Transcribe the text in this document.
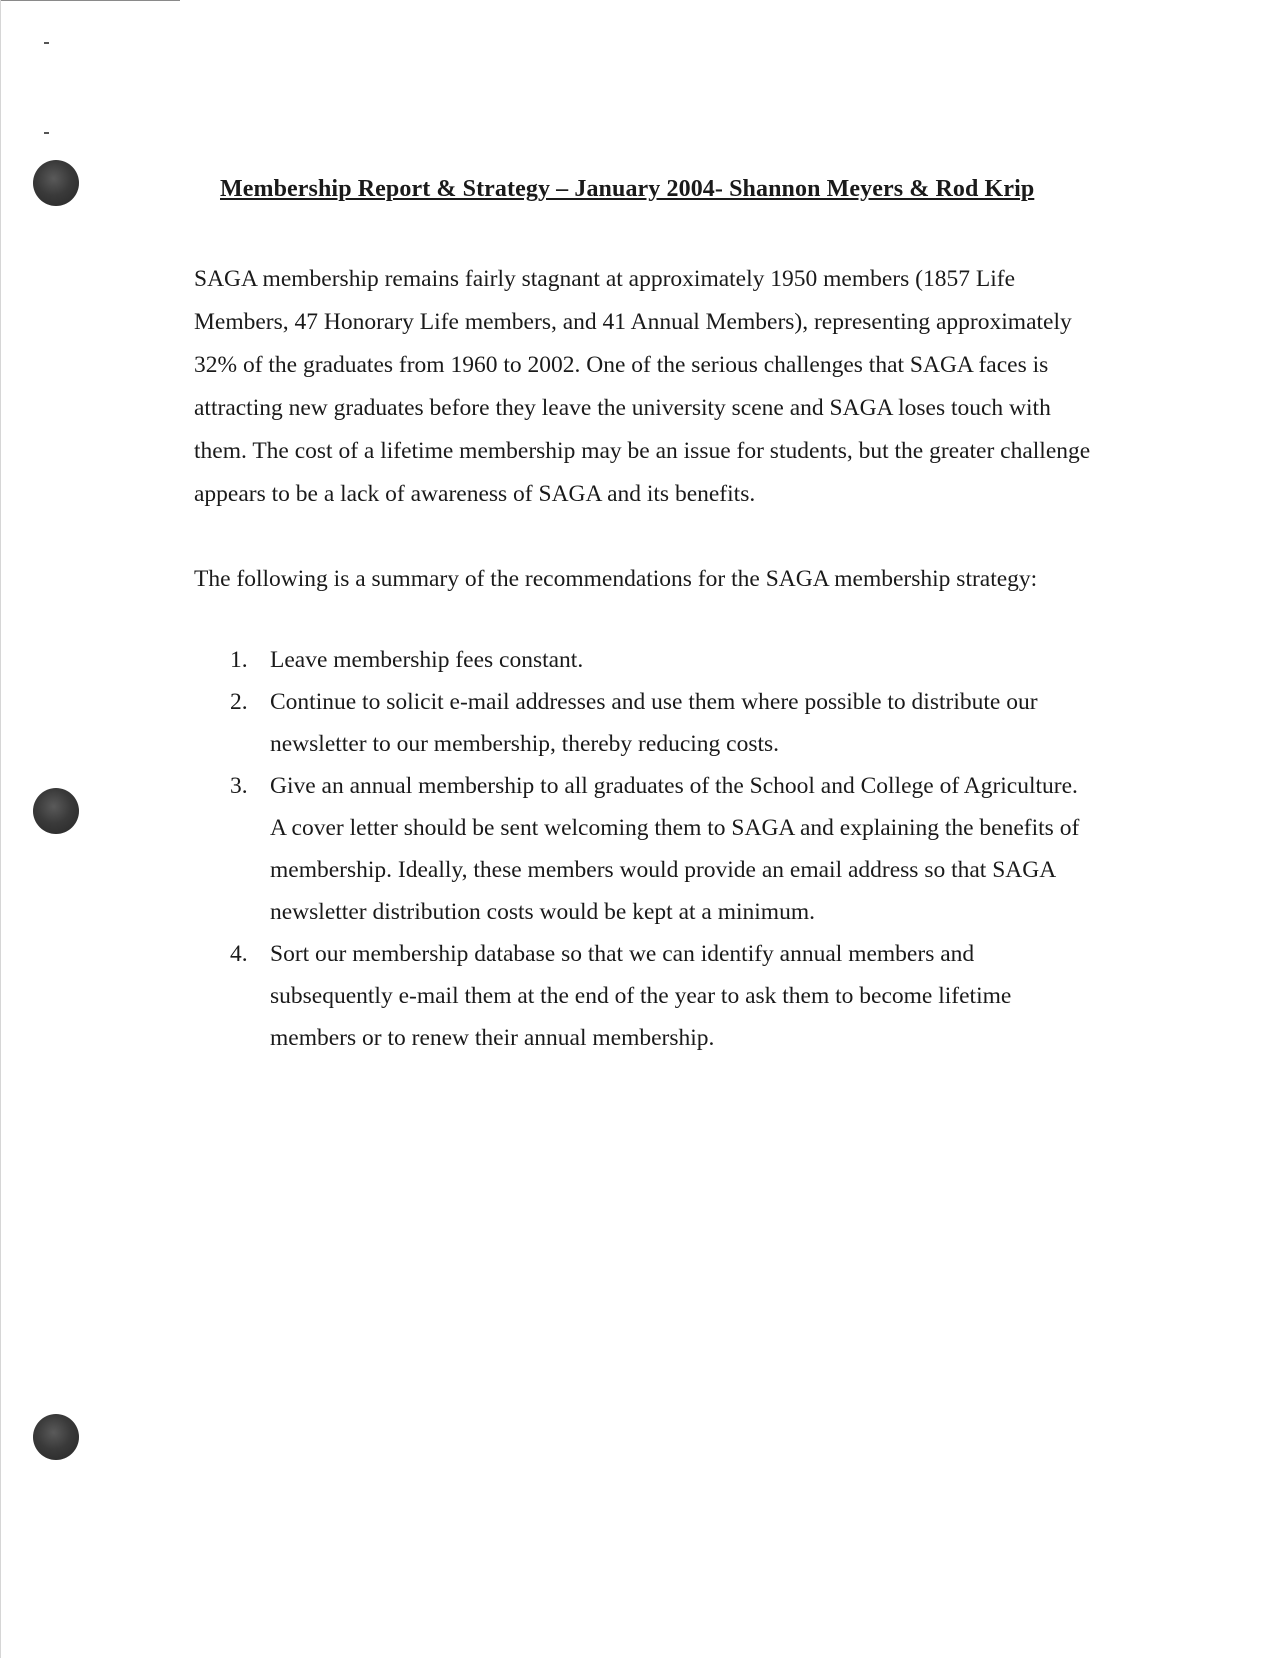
Membership Report & Strategy – January 2004- Shannon Meyers & Rod Krip

SAGA membership remains fairly stagnant at approximately 1950 members (1857 Life Members, 47 Honorary Life members, and 41 Annual Members), representing approximately 32% of the graduates from 1960 to 2002. One of the serious challenges that SAGA faces is attracting new graduates before they leave the university scene and SAGA loses touch with them. The cost of a lifetime membership may be an issue for students, but the greater challenge appears to be a lack of awareness of SAGA and its benefits.

The following is a summary of the recommendations for the SAGA membership strategy:

1. Leave membership fees constant.
2. Continue to solicit e-mail addresses and use them where possible to distribute our newsletter to our membership, thereby reducing costs.
3. Give an annual membership to all graduates of the School and College of Agriculture. A cover letter should be sent welcoming them to SAGA and explaining the benefits of membership. Ideally, these members would provide an email address so that SAGA newsletter distribution costs would be kept at a minimum.
4. Sort our membership database so that we can identify annual members and subsequently e-mail them at the end of the year to ask them to become lifetime members or to renew their annual membership.
